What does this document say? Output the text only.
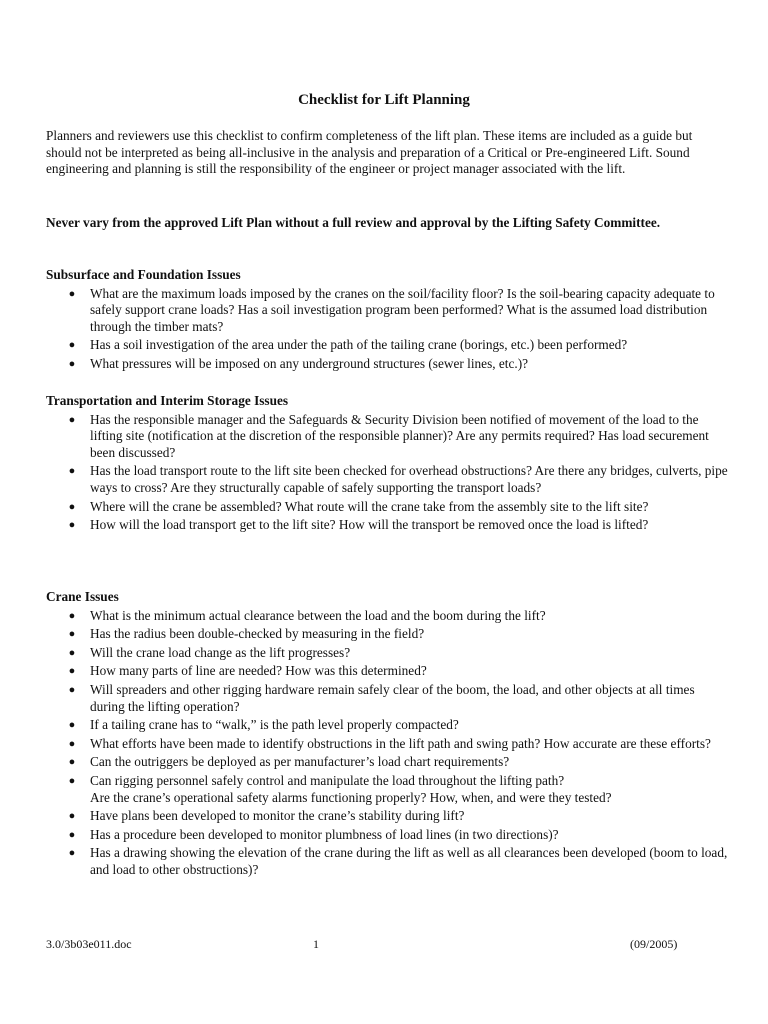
Checklist for Lift Planning

Planners and reviewers use this checklist to confirm completeness of the lift plan. These items are included as a guide but should not be interpreted as being all-inclusive in the analysis and preparation of a Critical or Pre-engineered Lift. Sound engineering and planning is still the responsibility of the engineer or project manager associated with the lift.

Never vary from the approved Lift Plan without a full review and approval by the Lifting Safety Committee.

Subsurface and Foundation Issues
● What are the maximum loads imposed by the cranes on the soil/facility floor? Is the soil-bearing capacity adequate to safely support crane loads? Has a soil investigation program been performed? What is the assumed load distribution through the timber mats?
● Has a soil investigation of the area under the path of the tailing crane (borings, etc.) been performed?
● What pressures will be imposed on any underground structures (sewer lines, etc.)?
Transportation and Interim Storage Issues
● Has the responsible manager and the Safeguards & Security Division been notified of movement of the load to the lifting site (notification at the discretion of the responsible planner)? Are any permits required? Has load securement been discussed?
● Has the load transport route to the lift site been checked for overhead obstructions? Are there any bridges, culverts, pipe ways to cross? Are they structurally capable of safely supporting the transport loads?
● Where will the crane be assembled? What route will the crane take from the assembly site to the lift site?
● How will the load transport get to the lift site? How will the transport be removed once the load is lifted?
Crane Issues
● What is the minimum actual clearance between the load and the boom during the lift?
● Has the radius been double-checked by measuring in the field?
● Will the crane load change as the lift progresses?
● How many parts of line are needed? How was this determined?
● Will spreaders and other rigging hardware remain safely clear of the boom, the load, and other objects at all times during the lifting operation?
● If a tailing crane has to “walk,” is the path level properly compacted?
● What efforts have been made to identify obstructions in the lift path and swing path? How accurate are these efforts?
● Can the outriggers be deployed as per manufacturer’s load chart requirements?
● Can rigging personnel safely control and manipulate the load throughout the lifting path?
Are the crane’s operational safety alarms functioning properly? How, when, and were they tested?
● Have plans been developed to monitor the crane’s stability during lift?
● Has a procedure been developed to monitor plumbness of load lines (in two directions)?
● Has a drawing showing the elevation of the crane during the lift as well as all clearances been developed (boom to load, and load to other obstructions)?
3.0/3b03e011.doc	1	(09/2005)
